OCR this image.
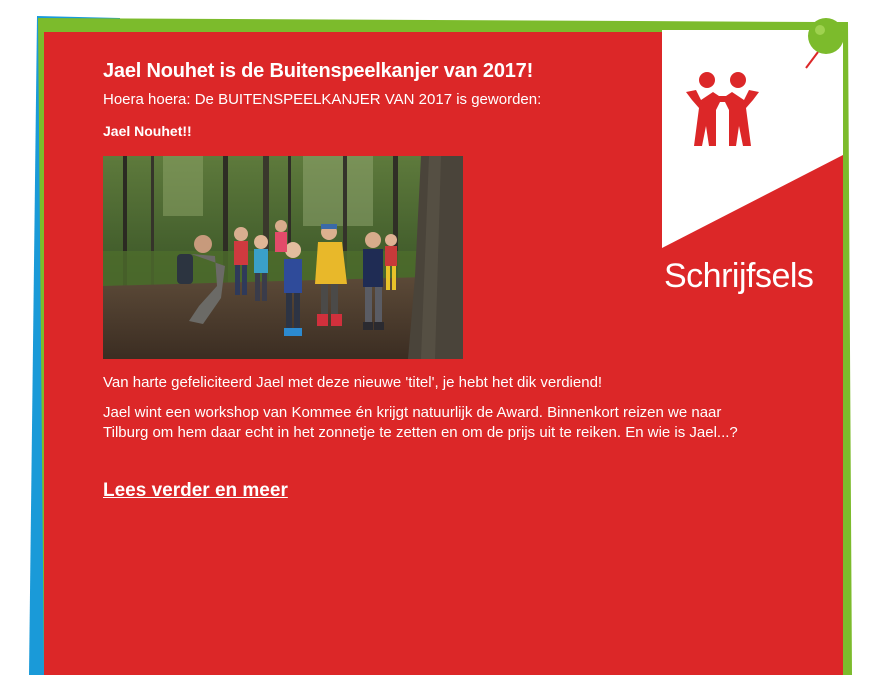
Jael Nouhet is de Buitenspeelkanjer van 2017!

Hoera hoera: De BUITENSPEELKANJER VAN 2017 is geworden:

Jael Nouhet!!

Van harte gefeliciteerd Jael met deze nieuwe 'titel', je hebt het dik verdiend!

Jael wint een workshop van Kommee én krijgt natuurlijk de Award. Binnenkort reizen we naar Tilburg om hem daar echt in het zonnetje te zetten en om de prijs uit te reiken. En wie is Jael...?

Lees verder en meer
Schrijfsels
